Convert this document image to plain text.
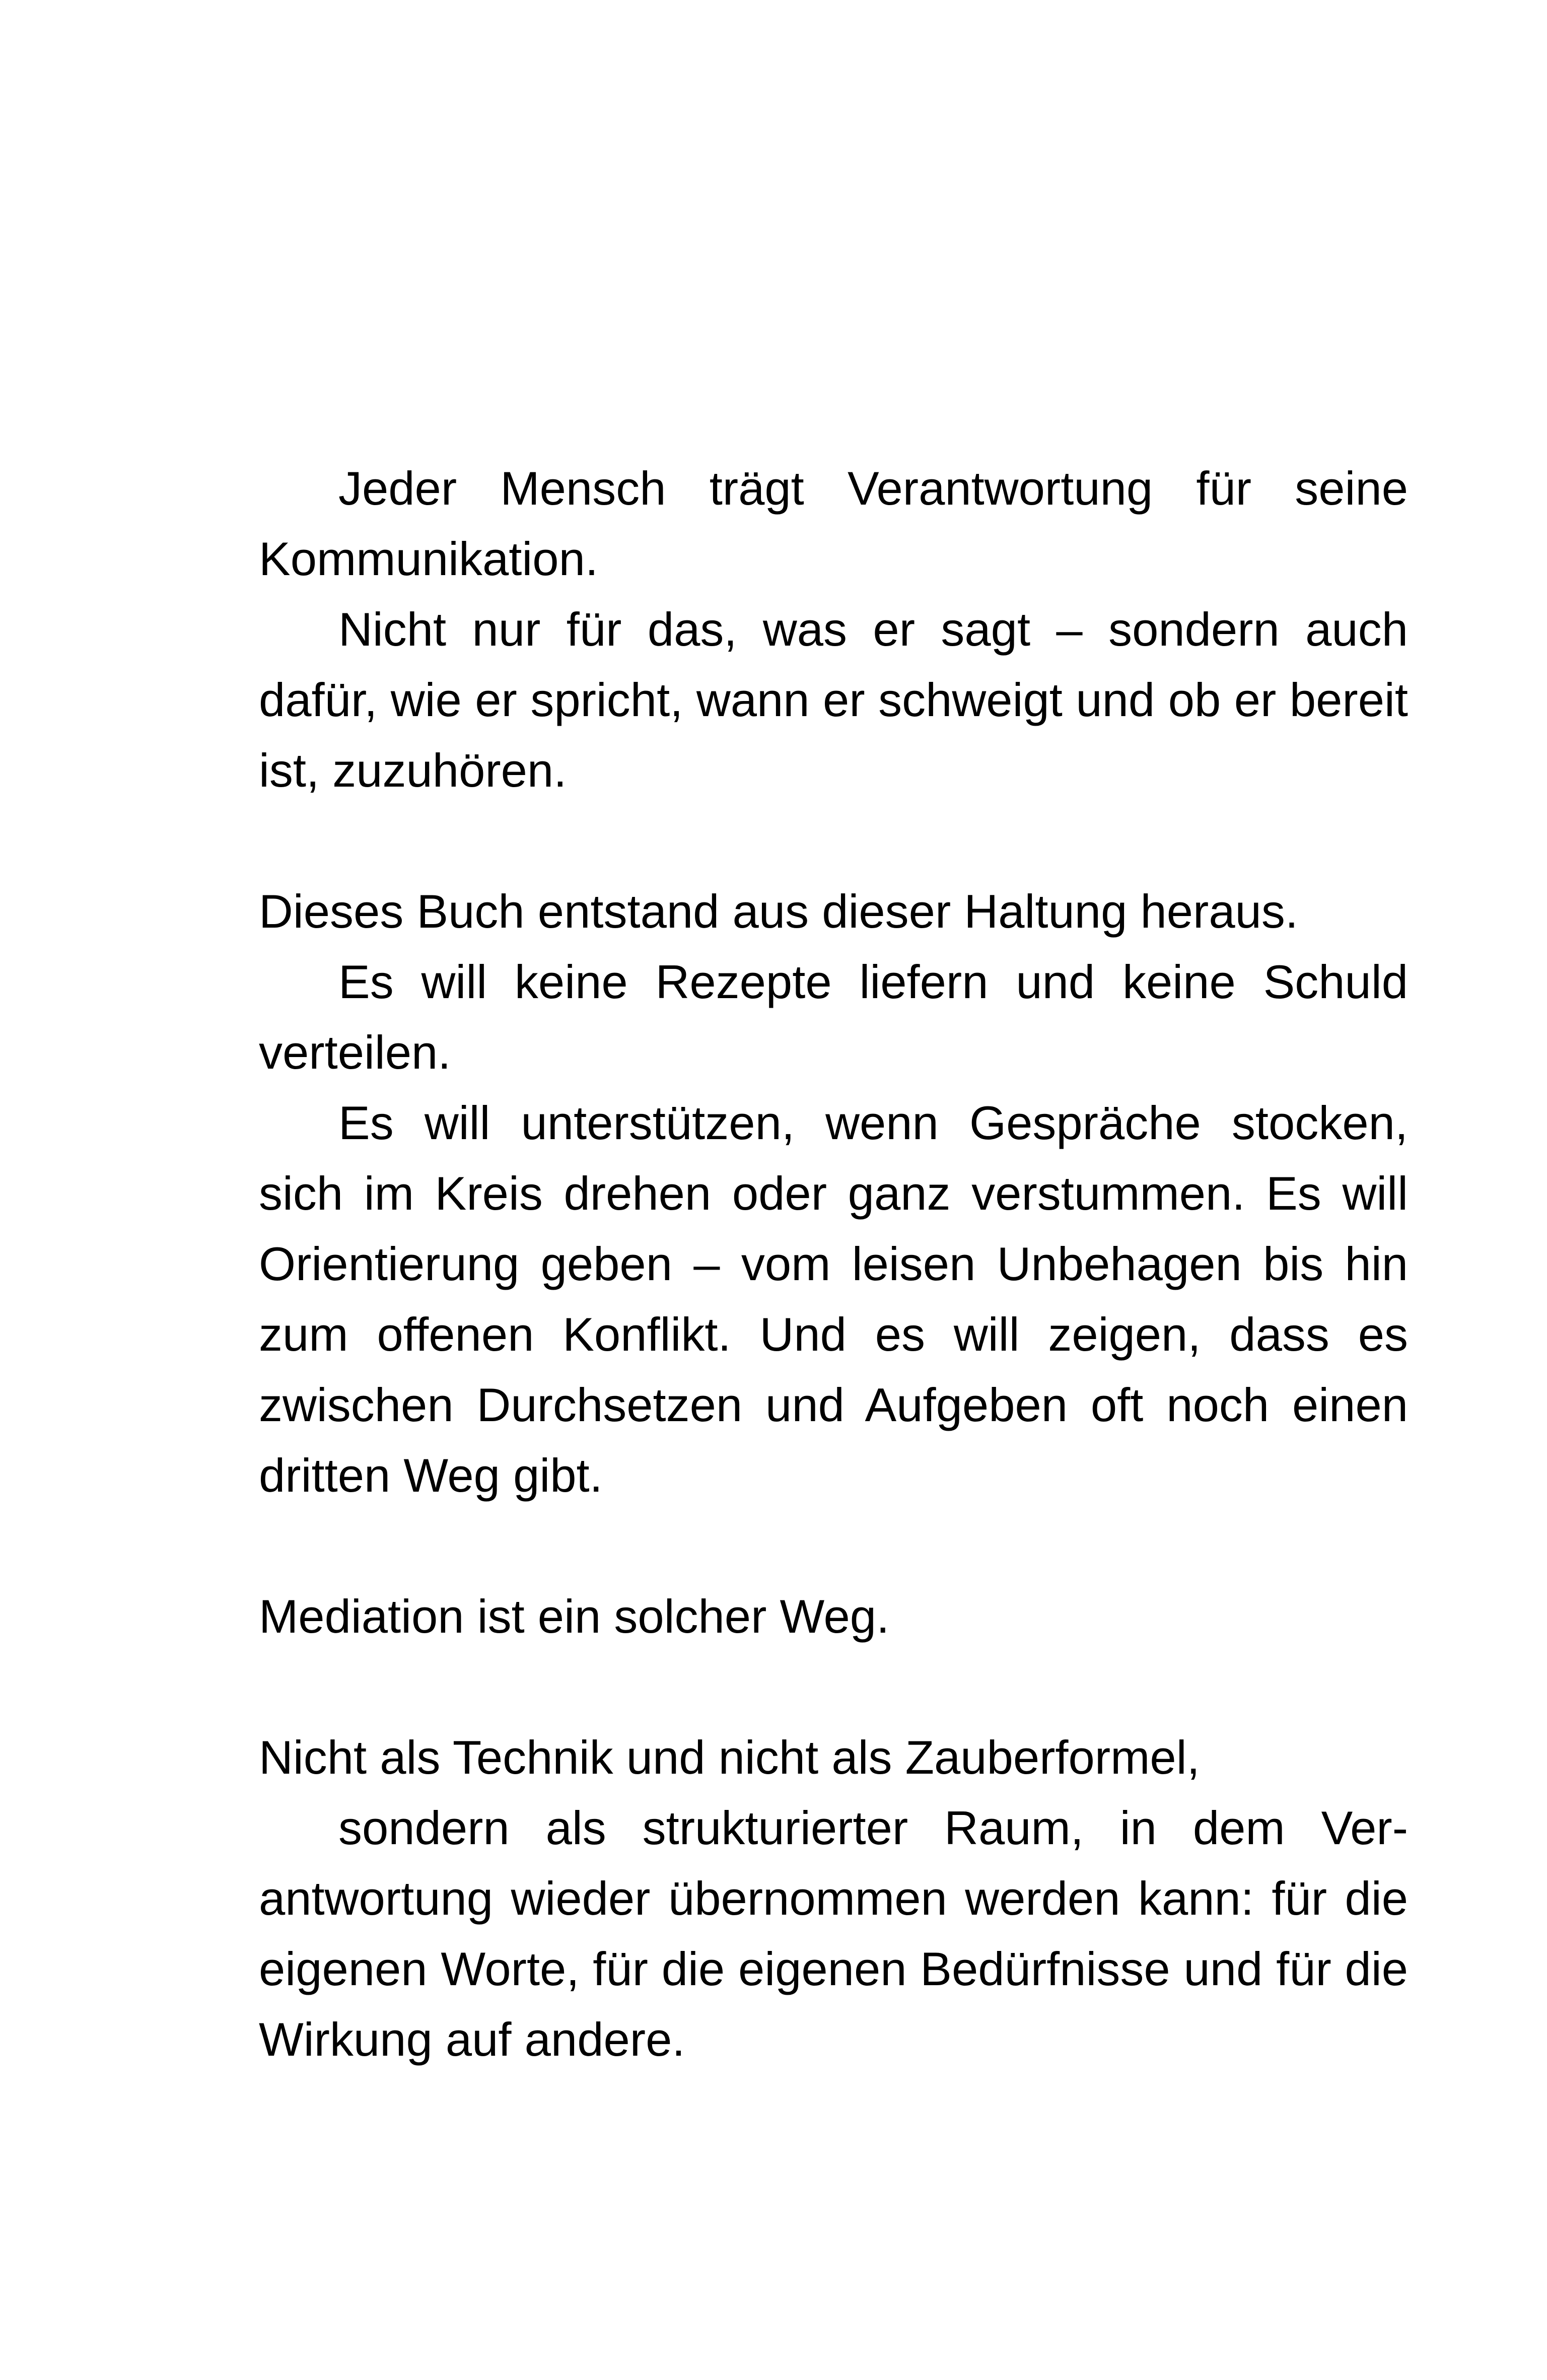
Jeder Mensch trägt Verantwortung für seine Kommunikation.

Nicht nur für das, was er sagt – sondern auch dafür, wie er spricht, wann er schweigt und ob er bereit ist, zuzuhören.

Dieses Buch entstand aus dieser Haltung heraus.

Es will keine Rezepte liefern und keine Schuld verteilen.

Es will unterstützen, wenn Gespräche stocken, sich im Kreis drehen oder ganz verstummen. Es will Orientierung geben – vom leisen Unbehagen bis hin zum offenen Konflikt. Und es will zeigen, dass es zwischen Durchsetzen und Aufgeben oft noch einen dritten Weg gibt.

Mediation ist ein solcher Weg.

Nicht als Technik und nicht als Zauberformel,

sondern als strukturierter Raum, in dem Verantwortung wieder übernommen werden kann: für die eigenen Worte, für die eigenen Bedürfnisse und für die Wirkung auf andere.
